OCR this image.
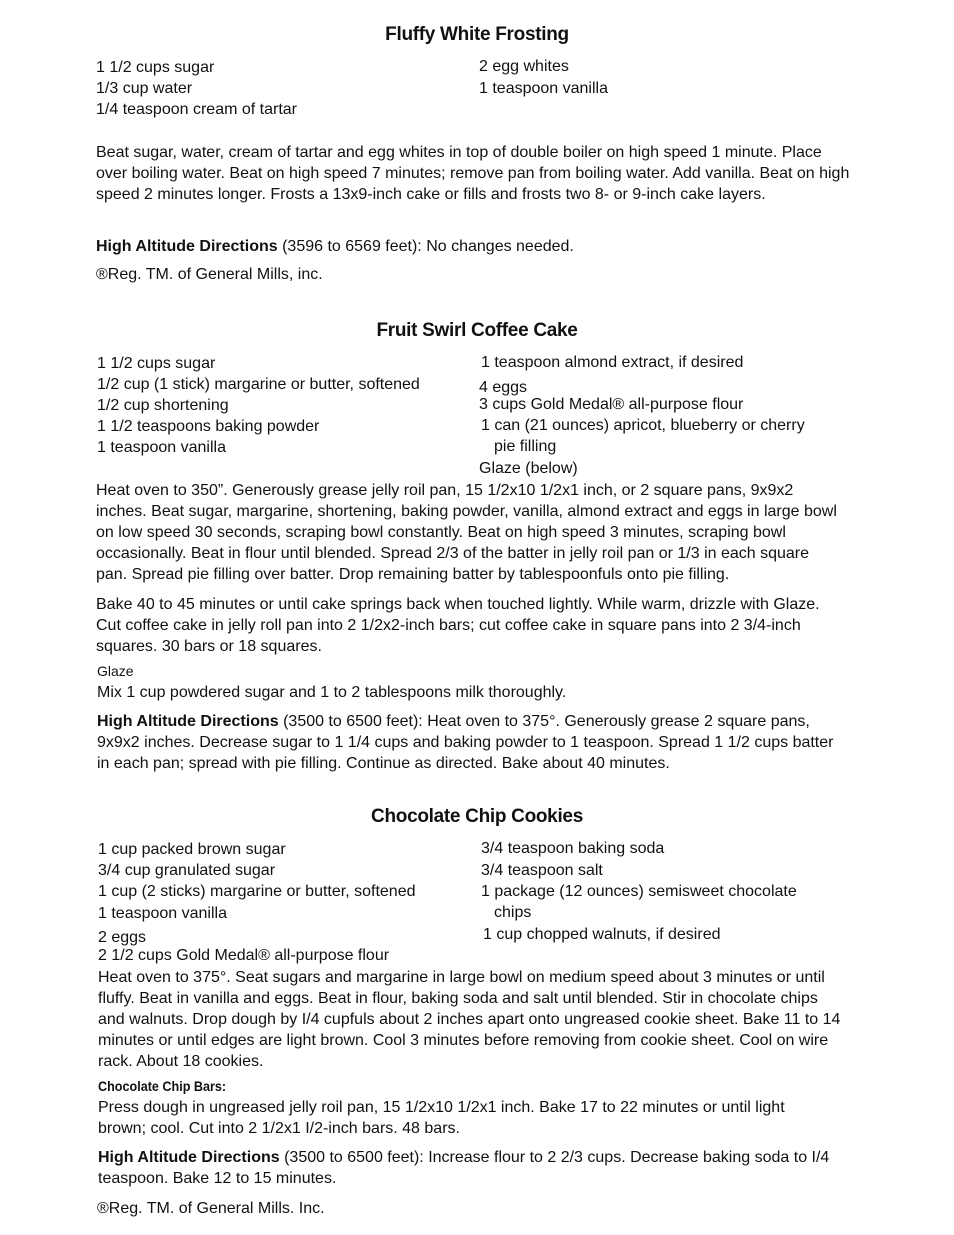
Fluffy White Frosting
1 1/2 cups sugar
1/3 cup water
1/4 teaspoon cream of tartar
2 egg whites
1 teaspoon vanilla
Beat sugar, water, cream of tartar and egg whites in top of double boiler on high speed 1 minute. Place over boiling water. Beat on high speed 7 minutes; remove pan from boiling water. Add vanilla. Beat on high speed 2 minutes longer. Frosts a 13x9-inch cake or fills and frosts two 8- or 9-inch cake layers.
High Altitude Directions (3596 to 6569 feet): No changes needed.
®Reg. TM. of General Mills, inc.
Fruit Swirl Coffee Cake
1 1/2 cups sugar
1/2 cup (1 stick) margarine or butter, softened
1/2 cup shortening
1 1/2 teaspoons baking powder
1 teaspoon vanilla
1 teaspoon almond extract, if desired
4 eggs
3 cups Gold Medal® all-purpose flour
1 can (21 ounces) apricot, blueberry or cherry
pie filling
Glaze (below)
Heat oven to 350”. Generously grease jelly roil pan, 15 1/2x10 1/2x1 inch, or 2 square pans, 9x9x2 inches. Beat sugar, margarine, shortening, baking powder, vanilla, almond extract and eggs in large bowl on low speed 30 seconds, scraping bowl constantly. Beat on high speed 3 minutes, scraping bowl occasionally. Beat in flour until blended. Spread 2/3 of the batter in jelly roil pan or 1/3 in each square pan. Spread pie filling over batter. Drop remaining batter by tablespoonfuls onto pie filling.
Bake 40 to 45 minutes or until cake springs back when touched lightly. While warm, drizzle with Glaze. Cut coffee cake in jelly roll pan into 2 1/2x2-inch bars; cut coffee cake in square pans into 2 3/4-inch squares. 30 bars or 18 squares.
Glaze
Mix 1 cup powdered sugar and 1 to 2 tablespoons milk thoroughly.
High Altitude Directions (3500 to 6500 feet): Heat oven to 375°. Generously grease 2 square pans, 9x9x2 inches. Decrease sugar to 1 1/4 cups and baking powder to 1 teaspoon. Spread 1 1/2 cups batter in each pan; spread with pie filling. Continue as directed. Bake about 40 minutes.
Chocolate Chip Cookies
1 cup packed brown sugar
3/4 cup granulated sugar
1 cup (2 sticks) margarine or butter, softened
1 teaspoon vanilla
2 eggs
2 1/2 cups Gold Medal® all-purpose flour
3/4 teaspoon baking soda
3/4 teaspoon salt
1 package (12 ounces) semisweet chocolate
chips
1 cup chopped walnuts, if desired
Heat oven to 375°. Seat sugars and margarine in large bowl on medium speed about 3 minutes or until fluffy. Beat in vanilla and eggs. Beat in flour, baking soda and salt until blended. Stir in chocolate chips and walnuts. Drop dough by I/4 cupfuls about 2 inches apart onto ungreased cookie sheet. Bake 11 to 14 minutes or until edges are light brown. Cool 3 minutes before removing from cookie sheet. Cool on wire rack. About 18 cookies.
Chocolate Chip Bars:
Press dough in ungreased jelly roil pan, 15 1/2x10 1/2x1 inch. Bake 17 to 22 minutes or until light brown; cool. Cut into 2 1/2x1 I/2-inch bars. 48 bars.
High Altitude Directions (3500 to 6500 feet): Increase flour to 2 2/3 cups. Decrease baking soda to I/4 teaspoon. Bake 12 to 15 minutes.
®Reg. TM. of General Mills. Inc.
